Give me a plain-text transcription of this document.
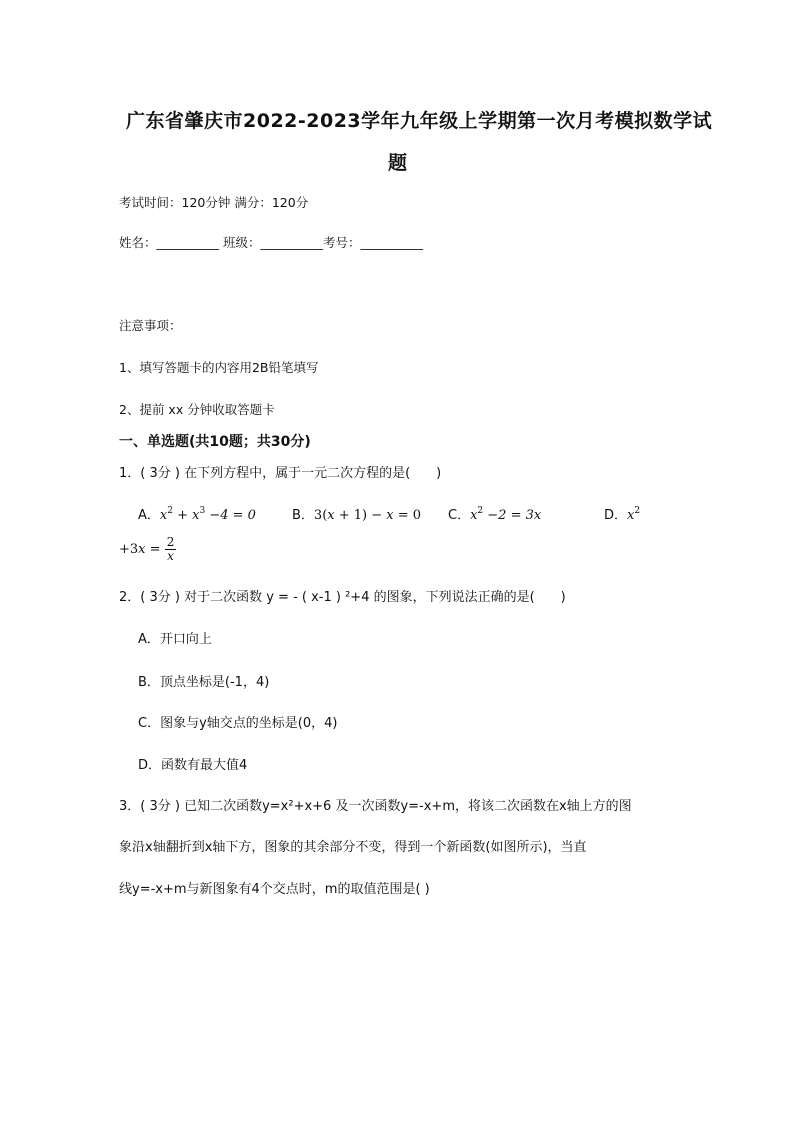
广东省肇庆市2022-2023学年九年级上学期第一次月考模拟数学试
题
考试时间：120分钟 满分：120分
姓名：__________ 班级：__________考号：__________
注意事项：
1、填写答题卡的内容用2B铅笔填写
2、提前 xx 分钟收取答题卡
一、单选题(共10题；共30分)
1．( 3分 ) 在下列方程中，属于一元二次方程的是(　　)
A．$x^2 + x^3 -4 = 0$	B．3(x + 1) − x = 0 C．$x^2 -2 = 3x$	D．$x^2$
$+3x = \frac{2}{x}$
2．( 3分 ) 对于二次函数 y = - ( x-1 ) ²+4 的图象，下列说法正确的是(　　)
A．开口向上
B．顶点坐标是(-1，4)
C．图象与y轴交点的坐标是(0，4)
D．函数有最大值4
3．( 3分 ) 已知二次函数y=x²+x+6 及一次函数y=-x+m，将该二次函数在x轴上方的图
象沿x轴翻折到x轴下方，图象的其余部分不变，得到一个新函数(如图所示)，当直
线y=-x+m与新图象有4个交点时，m的取值范围是( )
